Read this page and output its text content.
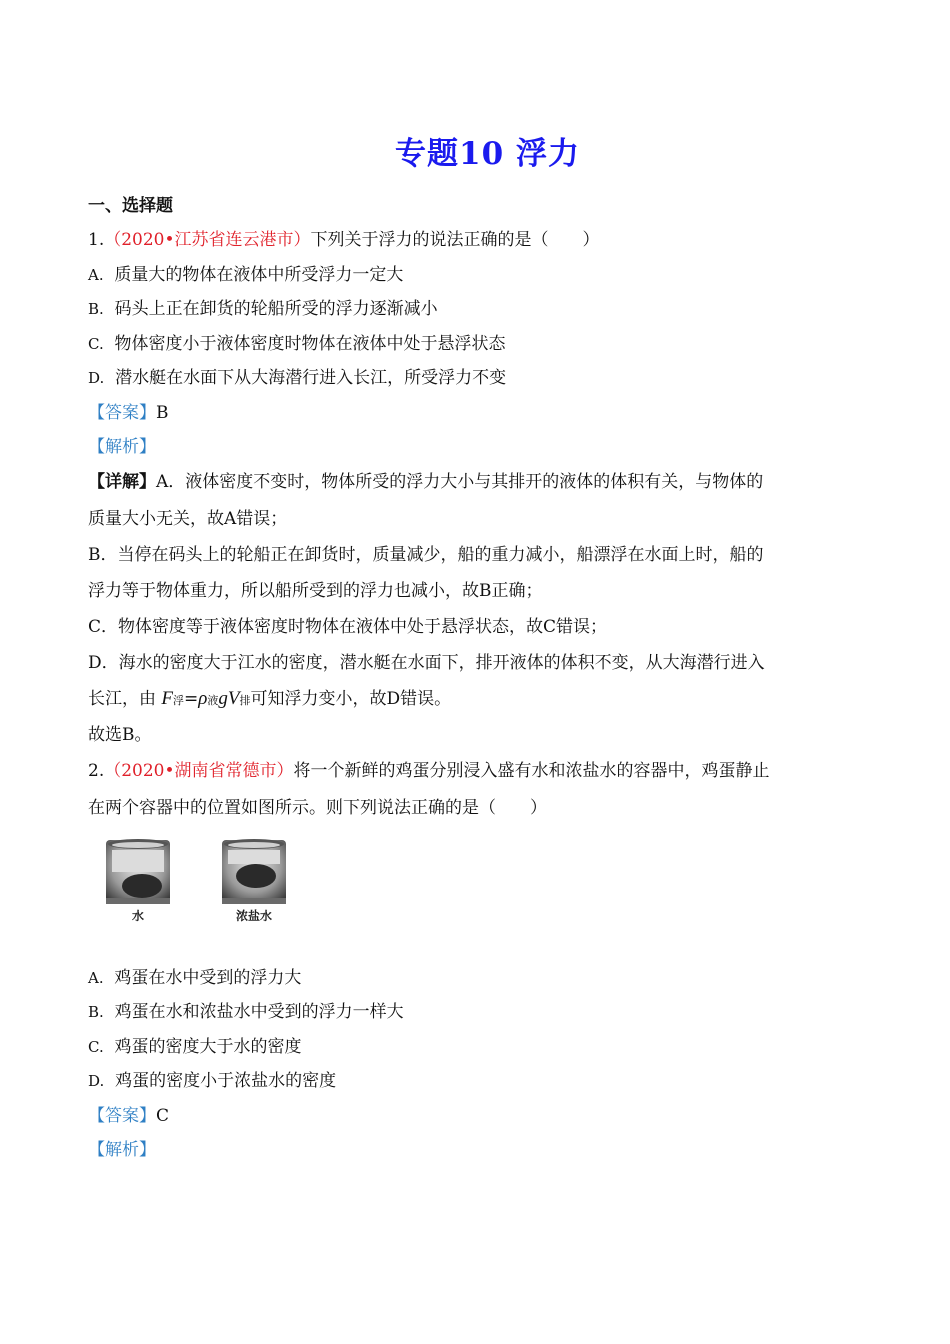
专题10 浮力
一、选择题
1.（2020•江苏省连云港市）下列关于浮力的说法正确的是（　　）
A. 质量大的物体在液体中所受浮力一定大
B. 码头上正在卸货的轮船所受的浮力逐渐减小
C. 物体密度小于液体密度时物体在液体中处于悬浮状态
D. 潜水艇在水面下从大海潜行进入长江，所受浮力不变
【答案】B
【解析】
【详解】A．液体密度不变时，物体所受的浮力大小与其排开的液体的体积有关，与物体的
质量大小无关，故A错误；
B．当停在码头上的轮船正在卸货时，质量减少，船的重力减小，船漂浮在水面上时，船的
浮力等于物体重力，所以船所受到的浮力也减小，故B正确；
C．物体密度等于液体密度时物体在液体中处于悬浮状态，故C错误；
D．海水的密度大于江水的密度，潜水艇在水面下，排开液体的体积不变，从大海潜行进入
长江，由 F浮=ρ液gV排可知浮力变小，故D错误。
故选B。
2.（2020•湖南省常德市）将一个新鲜的鸡蛋分别浸入盛有水和浓盐水的容器中，鸡蛋静止
在两个容器中的位置如图所示。则下列说法正确的是（　　）
水	浓盐水
A. 鸡蛋在水中受到的浮力大
B. 鸡蛋在水和浓盐水中受到的浮力一样大
C. 鸡蛋的密度大于水的密度
D. 鸡蛋的密度小于浓盐水的密度
【答案】C
【解析】
